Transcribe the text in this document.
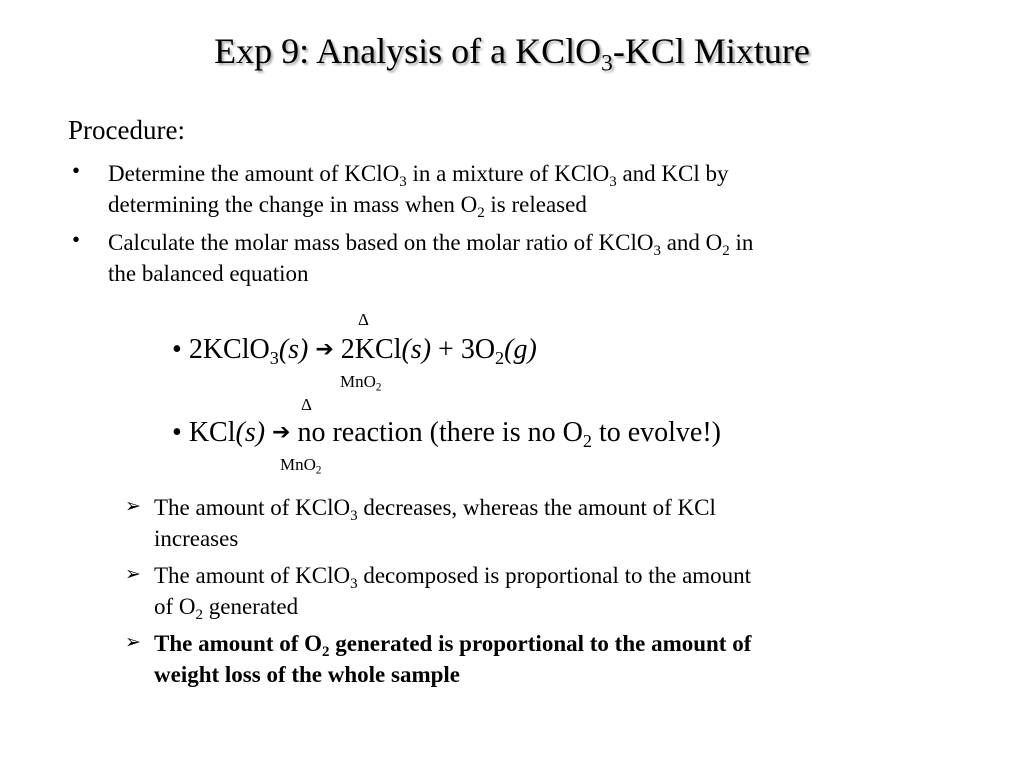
Exp 9: Analysis of a KClO$_3$-KCl Mixture
Procedure:
• Determine the amount of KClO$_3$ in a mixture of KClO$_3$ and KCl by
determining the change in mass when $O_2$ is released
• Calculate the molar mass based on the molar ratio of KClO$_3$ and $O_2$ in
the balanced equation
Δ
• 2KClO$_3$(s) ➔ $2KCl(s) + 3O_2(g)$
MnO$_2$
Δ
• KCl(s) ➔ no reaction (there is no $O_2$ to evolve!)
MnO$_2$
➢ The amount of KClO$_3$ decreases, whereas the amount of KCl
increases
➢ The amount of KClO$_3$ decomposed is proportional to the amount
of $O_2$ generated
➢ The amount of $O_2$ generated is proportional to the amount of
weight loss of the whole sample
